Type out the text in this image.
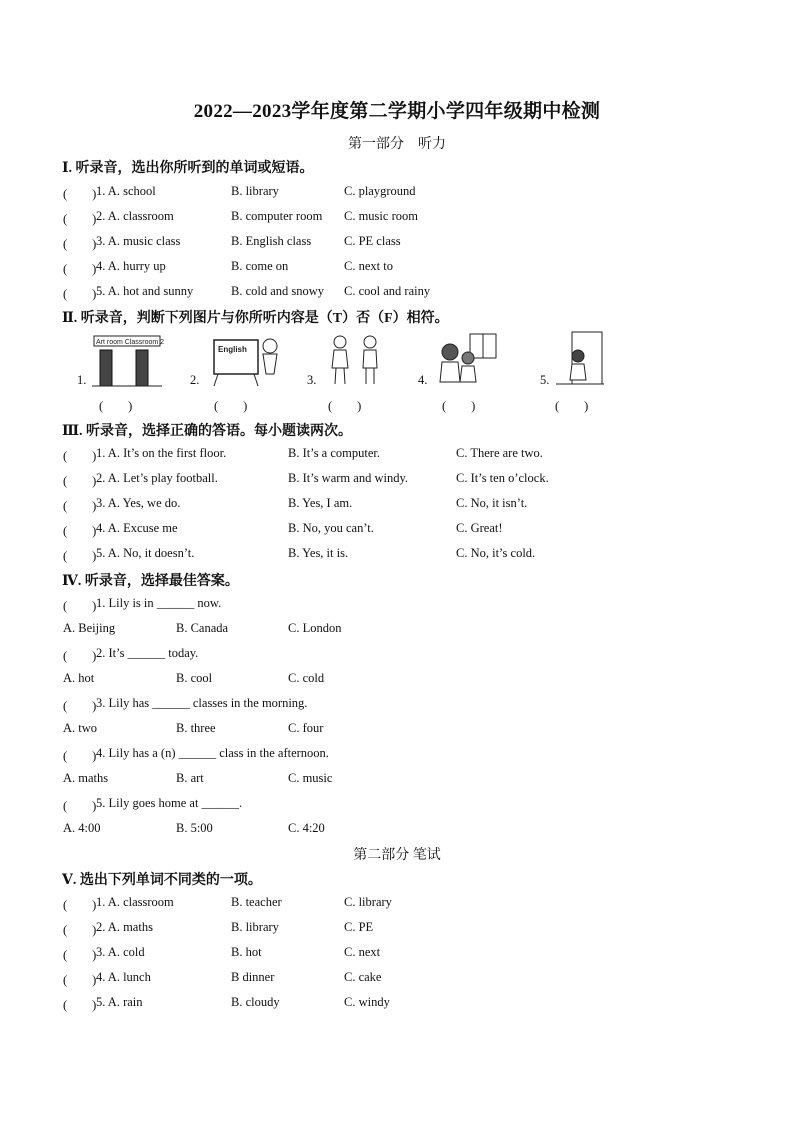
2022—2023学年度第二学期小学四年级期中检测
第一部分　听力
Ⅰ. 听录音，选出你所听到的单词或短语。
(　　) 1. A. school	B. library	C. playground
(　　) 2. A. classroom	B. computer room C. music room
(　　) 3. A. music class	B. English class	C. PE class
(　　) 4. A. hurry up	B. come on	C. next to
(　　) 5. A. hot and sunny	B. cold and snowy C. cool and rainy
Ⅱ. 听录音，判断下列图片与你所听内容是（T）否（F）相符。
1.	2.	3.	4.	5.
Art room Classroom 2
English
(　　)	(　　)	(　　)	(　　)	(　　)
Ⅲ. 听录音，选择正确的答语。每小题读两次。
(　　) 1. A. It’s on the first floor.	B. It’s a computer.	C. There are two.
(　　) 2. A. Let’s play football.	B. It’s warm and windy.	C. It’s ten o’clock.
(　　) 3. A. Yes, we do.	B. Yes, I am.	C. No, it isn’t.
(　　) 4. A. Excuse me	B. No, you can’t.	C. Great!
(　　) 5. A. No, it doesn’t.	B. Yes, it is.	C. No, it’s cold.
Ⅳ. 听录音，选择最佳答案。
(　　) 1. Lily is in ______ now.
A. Beijing	B. Canada	C. London
(　　) 2. It’s ______ today.
A. hot	B. cool	C. cold
(　　) 3. Lily has ______ classes in the morning.
A. two	B. three	C. four
(　　) 4. Lily has a (n) ______ class in the afternoon.
A. maths	B. art	C. music
(　　) 5. Lily goes home at ______.
A. 4:00	B. 5:00	C. 4:20
第二部分 笔试
Ⅴ. 选出下列单词不同类的一项。
(　　) 1. A. classroom	B. teacher	C. library
(　　) 2. A. maths	B. library	C. PE
(　　) 3. A. cold	B. hot	C. next
(　　) 4. A. lunch	B dinner	C. cake
(　　) 5. A. rain	B. cloudy	C. windy
